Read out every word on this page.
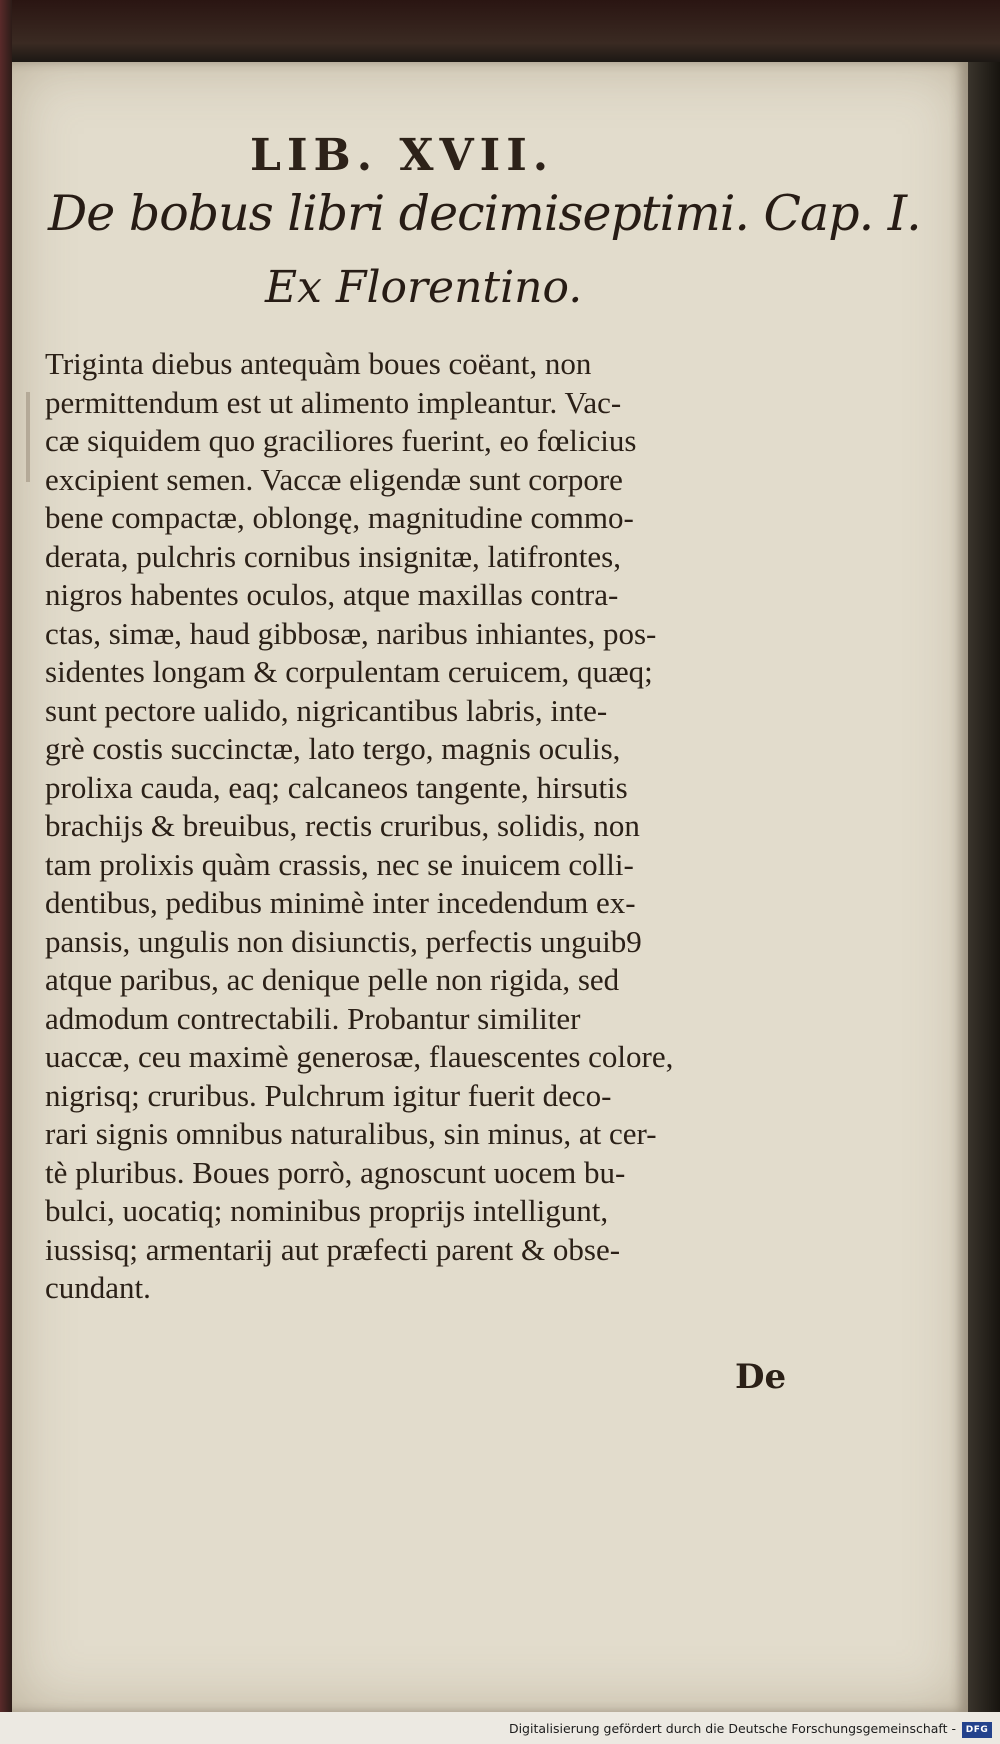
LIB. XVII.
De bobus libri decimiseptimi. Cap. I.
Ex Florentino.
Triginta diebus antequàm boues coëant, non
permittendum est ut alimento impleantur. Vac-
cæ siquidem quo graciliores fuerint, eo fœlicius
excipient semen. Vaccæ eligendæ sunt corpore
bene compactæ, oblongę, magnitudine commo-
derata, pulchris cornibus insignitæ, latifrontes,
nigros habentes oculos, atque maxillas contra-
ctas, simæ, haud gibbosæ, naribus inhiantes, pos-
sidentes longam & corpulentam ceruicem, quæq;
sunt pectore ualido, nigricantibus labris, inte-
grè costis succinctæ, lato tergo, magnis oculis,
prolixa cauda, eaq; calcaneos tangente, hirsutis
brachijs & breuibus, rectis cruribus, solidis, non
tam prolixis quàm crassis, nec se inuicem colli-
dentibus, pedibus minimè inter incedendum ex-
pansis, ungulis non disiunctis, perfectis unguib9
atque paribus, ac denique pelle non rigida, sed
admodum contrectabili. Probantur similiter
uaccæ, ceu maximè generosæ, flauescentes colore,
nigrisq; cruribus. Pulchrum igitur fuerit deco-
rari signis omnibus naturalibus, sin minus, at cer-
tè pluribus. Boues porrò, agnoscunt uocem bu-
bulci, uocatiq; nominibus proprijs intelligunt,
iussisq; armentarij aut præfecti parent & obse-
cundant.
De
Digitalisierung gefördert durch die Deutsche Forschungsgemeinschaft -	DFG
